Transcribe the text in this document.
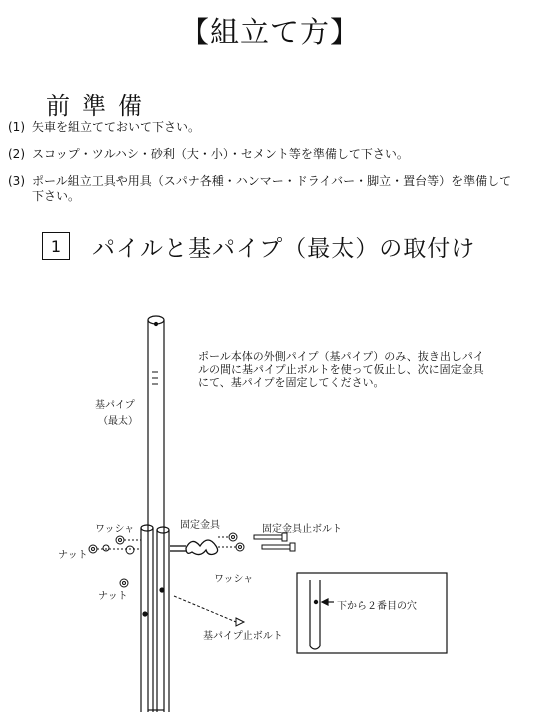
【組立て方】
前準備
(1) 矢車を組立てておいて下さい。
(2) スコップ・ツルハシ・砂利（大・小）・セメント等を準備して下さい。
(3) ポール組立工具や用具（スパナ各種・ハンマー・ドライバー・脚立・置台等）を準備して下さい。
1	パイルと基パイプ（最太）の取付け
ポール本体の外側パイプ（基パイプ）のみ、抜き出しパイルの間に基パイプ止ボルトを使って仮止し、次に固定金具にて、基パイプを固定してください。
基パイプ
（最太）
ワッシャ
ナット
固定金具	固定金具止ボルト
ワッシャ
ナット
基パイプ止ボルト
下から２番目の穴
